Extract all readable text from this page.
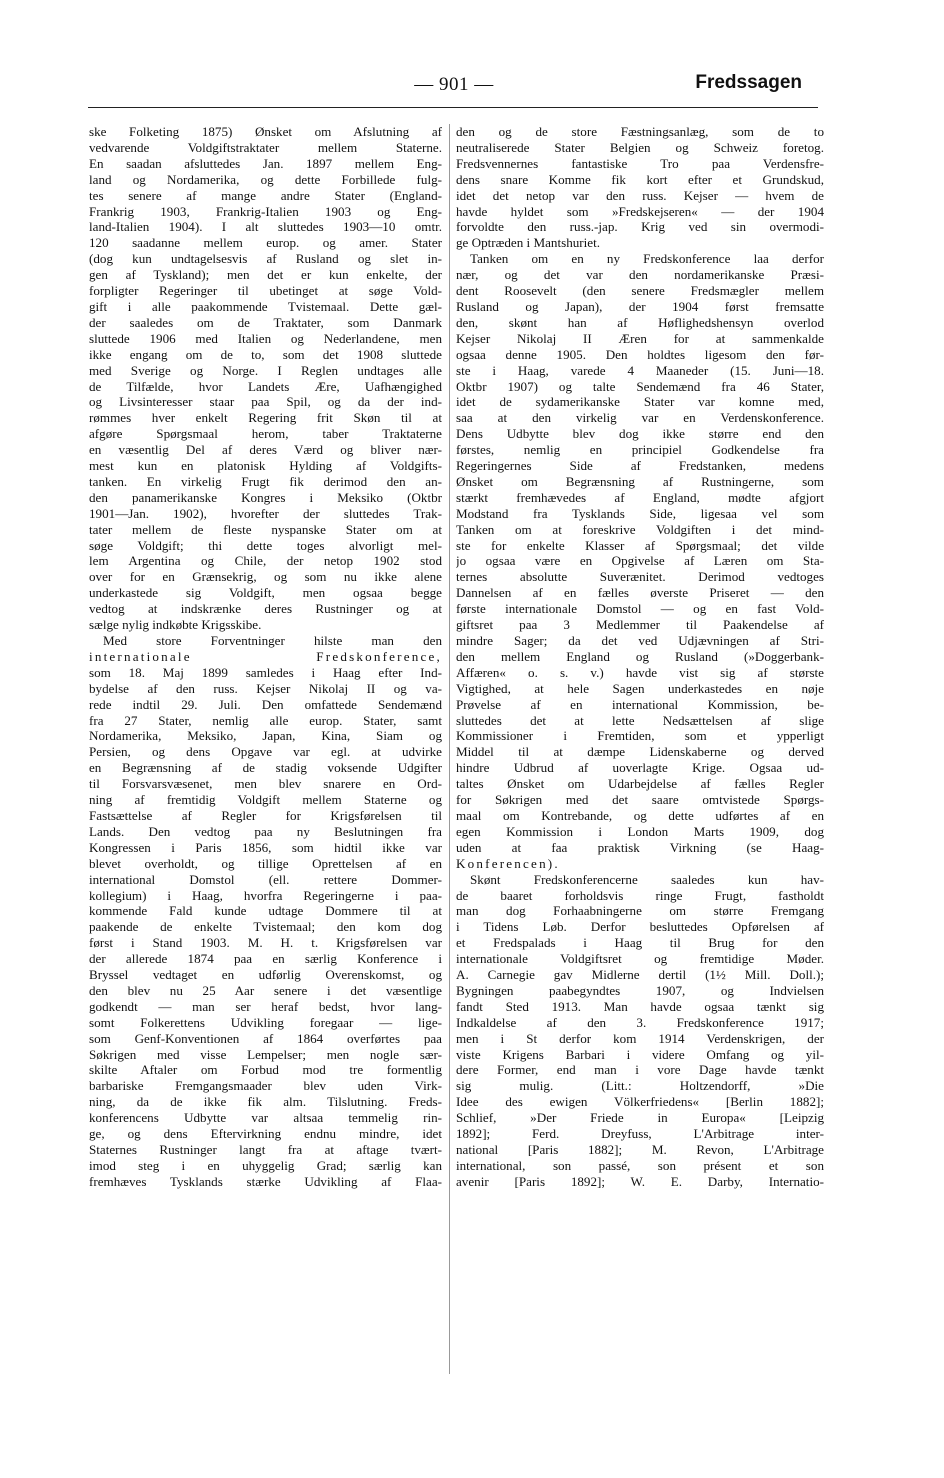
— 901 —	Fredssagen
ske Folketing 1875) Ønsket om Afslutning af
vedvarende Voldgiftstraktater mellem Staterne.
En saadan afsluttedes Jan. 1897 mellem Eng-
land og Nordamerika, og dette Forbillede fulg-
tes senere af mange andre Stater (England-
Frankrig 1903, Frankrig-Italien 1903 og Eng-
land-Italien 1904). I alt sluttedes 1903—10 omtr.
120 saadanne mellem europ. og amer. Stater
(dog kun undtagelsesvis af Rusland og slet in-
gen af Tyskland); men det er kun enkelte, der
forpligter Regeringer til ubetinget at søge Vold-
gift i alle paakommende Tvistemaal. Dette gæl-
der saaledes om de Traktater, som Danmark
sluttede 1906 med Italien og Nederlandene, men
ikke engang om de to, som det 1908 sluttede
med Sverige og Norge. I Reglen undtages alle
de Tilfælde, hvor Landets Ære, Uafhængighed
og Livsinteresser staar paa Spil, og da der ind-
rømmes hver enkelt Regering frit Skøn til at
afgøre Spørgsmaal herom, taber Traktaterne
en væsentlig Del af deres Værd og bliver nær-
mest kun en platonisk Hylding af Voldgifts-
tanken. En virkelig Frugt fik derimod den an-
den panamerikanske Kongres i Meksiko (Oktbr
1901—Jan. 1902), hvorefter der sluttedes Trak-
tater mellem de fleste nyspanske Stater om at
søge Voldgift; thi dette toges alvorligt mel-
lem Argentina og Chile, der netop 1902 stod
over for en Grænsekrig, og som nu ikke alene
underkastede sig Voldgift, men ogsaa begge
vedtog at indskrænke deres Rustninger og at
sælge nylig indkøbte Krigsskibe.
Med store Forventninger hilste man den
internationale Fredskonference,
som 18. Maj 1899 samledes i Haag efter Ind-
bydelse af den russ. Kejser Nikolaj II og va-
rede indtil 29. Juli. Den omfattede Sendemænd
fra 27 Stater, nemlig alle europ. Stater, samt
Nordamerika, Meksiko, Japan, Kina, Siam og
Persien, og dens Opgave var egl. at udvirke
en Begrænsning af de stadig voksende Udgifter
til Forsvarsvæsenet, men blev snarere en Ord-
ning af fremtidig Voldgift mellem Staterne og
Fastsættelse af Regler for Krigsførelsen til
Lands. Den vedtog paa ny Beslutningen fra
Kongressen i Paris 1856, som hidtil ikke var
blevet overholdt, og tillige Oprettelsen af en
international Domstol (ell. rettere Dommer-
kollegium) i Haag, hvorfra Regeringerne i paa-
kommende Fald kunde udtage Dommere til at
paakende de enkelte Tvistemaal; den kom dog
først i Stand 1903. M. H. t. Krigsførelsen var
der allerede 1874 paa en særlig Konference i
Bryssel vedtaget en udførlig Overenskomst, og
den blev nu 25 Aar senere i det væsentlige
godkendt — man ser heraf bedst, hvor lang-
somt Folkerettens Udvikling foregaar — lige-
som Genf-Konventionen af 1864 overførtes paa
Søkrigen med visse Lempelser; men nogle sær-
skilte Aftaler om Forbud mod tre formentlig
barbariske Fremgangsmaader blev uden Virk-
ning, da de ikke fik alm. Tilslutning. Freds-
konferencens Udbytte var altsaa temmelig rin-
ge, og dens Eftervirkning endnu mindre, idet
Staternes Rustninger langt fra at aftage tvært-
imod steg i en uhyggelig Grad; særlig kan
fremhæves Tysklands stærke Udvikling af Flaa-
den og de store Fæstningsanlæg, som de to
neutraliserede Stater Belgien og Schweiz foretog.
Fredsvennernes fantastiske Tro paa Verdensfre-
dens snare Komme fik kort efter et Grundskud,
idet det netop var den russ. Kejser — hvem de
havde hyldet som »Fredskejseren« — der 1904
forvoldte den russ.-jap. Krig ved sin overmodi-
ge Optræden i Mantshuriet.
Tanken om en ny Fredskonference laa derfor
nær, og det var den nordamerikanske Præsi-
dent Roosevelt (den senere Fredsmægler mellem
Rusland og Japan), der 1904 først fremsatte
den, skønt han af Høflighedshensyn overlod
Kejser Nikolaj II Æren for at sammenkalde
ogsaa denne 1905. Den holdtes ligesom den før-
ste i Haag, varede 4 Maaneder (15. Juni—18.
Oktbr 1907) og talte Sendemænd fra 46 Stater,
idet de sydamerikanske Stater var komne med,
saa at den virkelig var en Verdenskonference.
Dens Udbytte blev dog ikke større end den
førstes, nemlig en principiel Godkendelse fra
Regeringernes Side af Fredstanken, medens
Ønsket om Begrænsning af Rustningerne, som
stærkt fremhævedes af England, mødte afgjort
Modstand fra Tysklands Side, ligesaa vel som
Tanken om at foreskrive Voldgiften i det mind-
ste for enkelte Klasser af Spørgsmaal; det vilde
jo ogsaa være en Opgivelse af Læren om Sta-
ternes absolutte Suverænitet. Derimod vedtoges
Dannelsen af en fælles øverste Priseret — den
første internationale Domstol — og en fast Vold-
giftsret paa 3 Medlemmer til Paakendelse af
mindre Sager; da det ved Udjævningen af Stri-
den mellem England og Rusland (»Doggerbank-
Affæren« o. s. v.) havde vist sig af største
Vigtighed, at hele Sagen underkastedes en nøje
Prøvelse af en international Kommission, be-
sluttedes det at lette Nedsættelsen af slige
Kommissioner i Fremtiden, som et ypperligt
Middel til at dæmpe Lidenskaberne og derved
hindre Udbrud af uoverlagte Krige. Ogsaa ud-
taltes Ønsket om Udarbejdelse af fælles Regler
for Søkrigen med det saare omtvistede Spørgs-
maal om Kontrebande, og dette udførtes af en
egen Kommission i London Marts 1909, dog
uden at faa praktisk Virkning (se Haag-
Konferencen).
Skønt Fredskonferencerne saaledes kun hav-
de baaret forholdsvis ringe Frugt, fastholdt
man dog Forhaabningerne om større Fremgang
i Tidens Løb. Derfor besluttedes Opførelsen af
et Fredspalads i Haag til Brug for den
internationale Voldgiftsret og fremtidige Møder.
A. Carnegie gav Midlerne dertil (1½ Mill. Doll.);
Bygningen paabegyndtes 1907, og Indvielsen
fandt Sted 1913. Man havde ogsaa tænkt sig
Indkaldelse af den 3. Fredskonference 1917;
men i St derfor kom 1914 Verdenskrigen, der
viste Krigens Barbari i videre Omfang og yil-
dere Former, end man i vore Dage havde tænkt
sig mulig. (Litt.: Holtzendorff, »Die
Idee des ewigen Völkerfriedens« [Berlin 1882];
Schlief, »Der Friede in Europa« [Leipzig
1892]; Ferd. Dreyfuss, L'Arbitrage inter-
national [Paris 1882]; M. Revon, L'Arbitrage
international, son passé, son présent et son
avenir [Paris 1892]; W. E. Darby, Internatio-
